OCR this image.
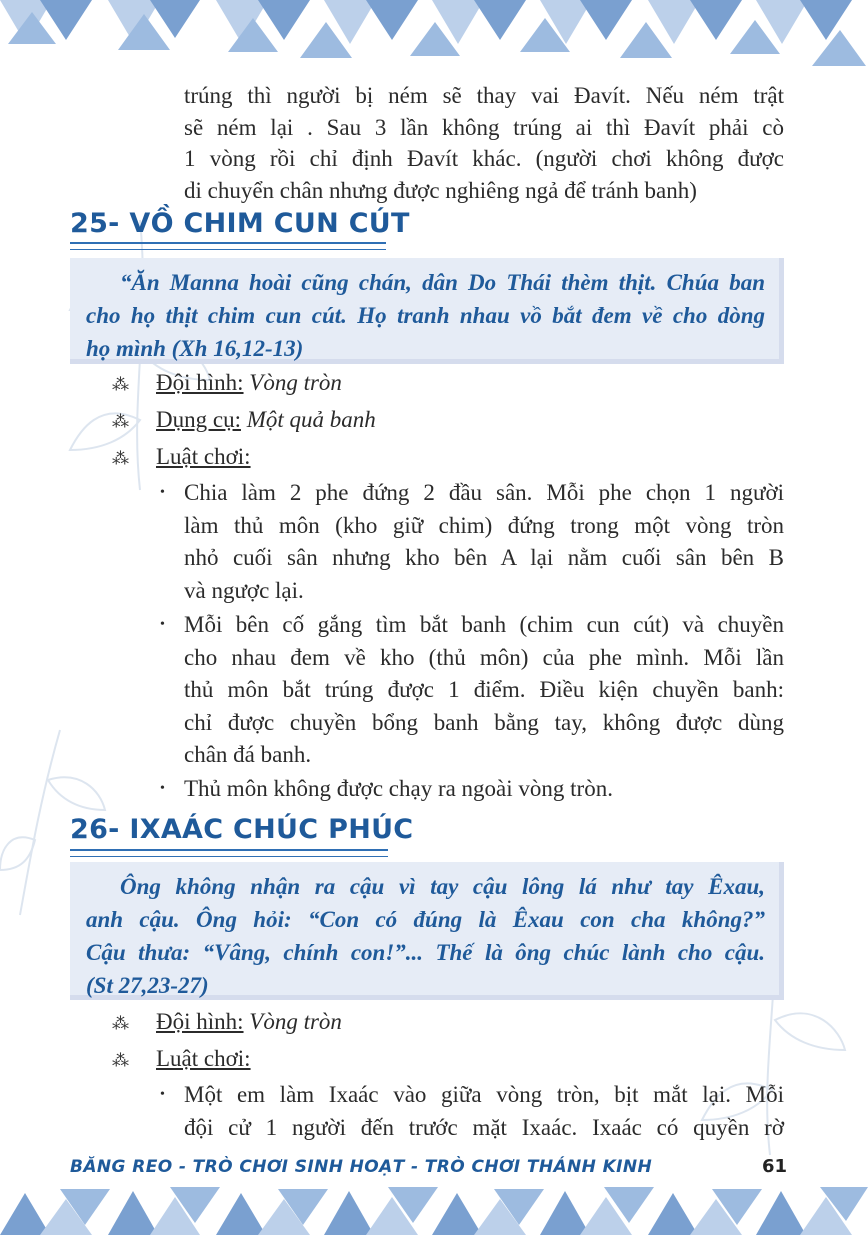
trúng thì người bị ném sẽ thay vai Đavít. Nếu ném trật
sẽ ném lại . Sau 3 lần không trúng ai thì Đavít phải cò
1 vòng rồi chỉ định Đavít khác. (người chơi không được
di chuyển chân nhưng được nghiêng ngả để tránh banh)
25- VỒ CHIM CUN CÚT
“Ăn Manna hoài cũng chán, dân Do Thái thèm thịt. Chúa ban
cho họ thịt chim cun cút. Họ tranh nhau vồ bắt đem về cho dòng
họ mình (Xh 16,12-13)
⁂ Đội hình: Vòng tròn
⁂ Dụng cụ: Một quả banh
⁂ Luật chơi:
• Chia làm 2 phe đứng 2 đầu sân. Mỗi phe chọn 1 người
làm thủ môn (kho giữ chim) đứng trong một vòng tròn
nhỏ cuối sân nhưng kho bên A lại nằm cuối sân bên B
và ngược lại.
• Mỗi bên cố gắng tìm bắt banh (chim cun cút) và chuyền
cho nhau đem về kho (thủ môn) của phe mình. Mỗi lần
thủ môn bắt trúng được 1 điểm. Điều kiện chuyền banh:
chỉ được chuyền bổng banh bằng tay, không được dùng
chân đá banh.
• Thủ môn không được chạy ra ngoài vòng tròn.
26- IXAÁC CHÚC PHÚC
Ông không nhận ra cậu vì tay cậu lông lá như tay Êxau,
anh cậu. Ông hỏi: “Con có đúng là Êxau con cha không?”
Cậu thưa: “Vâng, chính con!”... Thế là ông chúc lành cho cậu.
(St 27,23-27)
⁂ Đội hình: Vòng tròn
⁂ Luật chơi:
• Một em làm Ixaác vào giữa vòng tròn, bịt mắt lại. Mỗi
đội cử 1 người đến trước mặt Ixaác. Ixaác có quyền rờ
BĂNG REO - TRÒ CHƠI SINH HOẠT - TRÒ CHƠI THÁNH KINH	61
